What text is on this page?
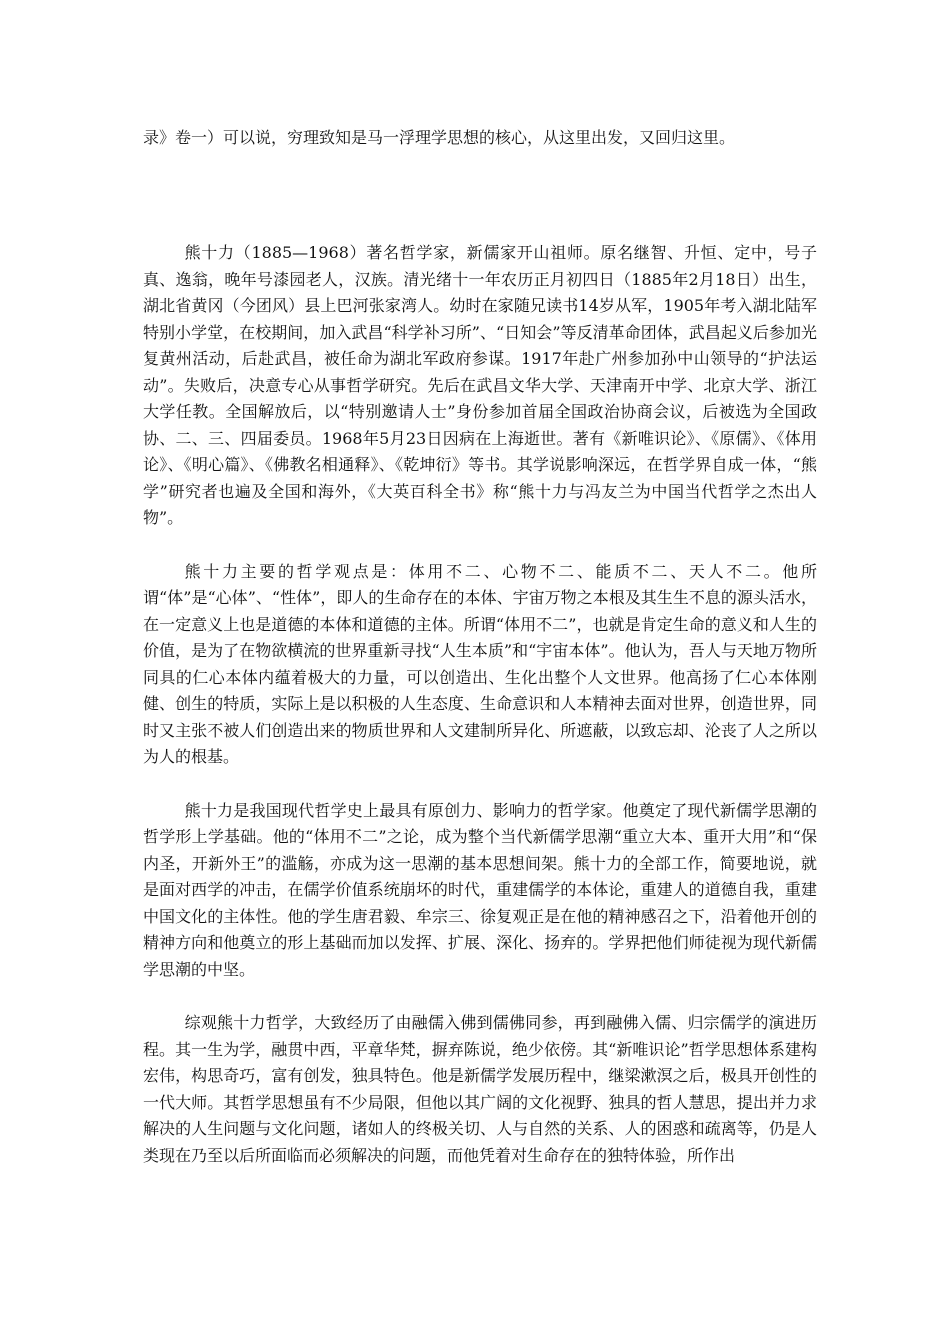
录》卷一）可以说，穷理致知是马一浮理学思想的核心，从这里出发，又回归这里。

熊十力（1885—1968）著名哲学家，新儒家开山祖师。原名继智、升恒、定中，号子真、逸翁，晚年号漆园老人，汉族。清光绪十一年农历正月初四日（1885年2月18日）出生，湖北省黄冈（今团风）县上巴河张家湾人。幼时在家随兄读书14岁从军，1905年考入湖北陆军特别小学堂，在校期间，加入武昌“科学补习所”、“日知会”等反清革命团体，武昌起义后参加光复黄州活动，后赴武昌，被任命为湖北军政府参谋。1917年赴广州参加孙中山领导的“护法运动”。失败后，决意专心从事哲学研究。先后在武昌文华大学、天津南开中学、北京大学、浙江大学任教。全国解放后，以“特别邀请人士”身份参加首届全国政治协商会议，后被选为全国政协、二、三、四届委员。1968年5月23日因病在上海逝世。著有《新唯识论》、《原儒》、《体用论》、《明心篇》、《佛教名相通释》、《乾坤衍》等书。其学说影响深远，在哲学界自成一体，“熊学”研究者也遍及全国和海外，《大英百科全书》称“熊十力与冯友兰为中国当代哲学之杰出人物”。

熊十力主要的哲学观点是：体用不二、心物不二、能质不二、天人不二。他所谓“体”是“心体”、“性体”，即人的生命存在的本体、宇宙万物之本根及其生生不息的源头活水，在一定意义上也是道德的本体和道德的主体。所谓“体用不二”，也就是肯定生命的意义和人生的价值，是为了在物欲横流的世界重新寻找“人生本质”和“宇宙本体”。他认为，吾人与天地万物所同具的仁心本体内蕴着极大的力量，可以创造出、生化出整个人文世界。他高扬了仁心本体刚健、创生的特质，实际上是以积极的人生态度、生命意识和人本精神去面对世界，创造世界，同时又主张不被人们创造出来的物质世界和人文建制所异化、所遮蔽，以致忘却、沦丧了人之所以为人的根基。

熊十力是我国现代哲学史上最具有原创力、影响力的哲学家。他奠定了现代新儒学思潮的哲学形上学基础。他的“体用不二”之论，成为整个当代新儒学思潮“重立大本、重开大用”和“保内圣，开新外王”的滥觞，亦成为这一思潮的基本思想间架。熊十力的全部工作，简要地说，就是面对西学的冲击，在儒学价值系统崩坏的时代，重建儒学的本体论，重建人的道德自我，重建中国文化的主体性。他的学生唐君毅、牟宗三、徐复观正是在他的精神感召之下，沿着他开创的精神方向和他奠立的形上基础而加以发挥、扩展、深化、扬弃的。学界把他们师徒视为现代新儒学思潮的中坚。

综观熊十力哲学，大致经历了由融儒入佛到儒佛同参，再到融佛入儒、归宗儒学的演进历程。其一生为学，融贯中西，平章华梵，摒弃陈说，绝少依傍。其“新唯识论”哲学思想体系建构宏伟，构思奇巧，富有创发，独具特色。他是新儒学发展历程中，继梁漱溟之后，极具开创性的一代大师。其哲学思想虽有不少局限，但他以其广阔的文化视野、独具的哲人慧思，提出并力求解决的人生问题与文化问题，诸如人的终极关切、人与自然的关系、人的困惑和疏离等，仍是人类现在乃至以后所面临而必须解决的问题，而他凭着对生命存在的独特体验，所作出
